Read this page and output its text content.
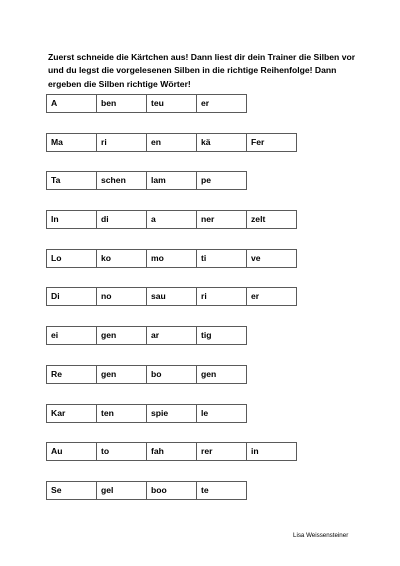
Zuerst schneide die Kärtchen aus! Dann liest dir dein Trainer die Silben vor und du legst die vorgelesenen Silben in die richtige Reihenfolge! Dann ergeben die Silben richtige Wörter!

A	ben	teu	er
Ma	ri	en	kä	Fer
Ta	schen	lam	pe
In	di	a	ner	zelt
Lo	ko	mo	ti	ve
Di	no	sau	ri	er
ei	gen	ar	tig
Re	gen	bo	gen
Kar	ten	spie	le
Au	to	fah	rer	in
Se	gel	boo	te

Lisa Weissensteiner
